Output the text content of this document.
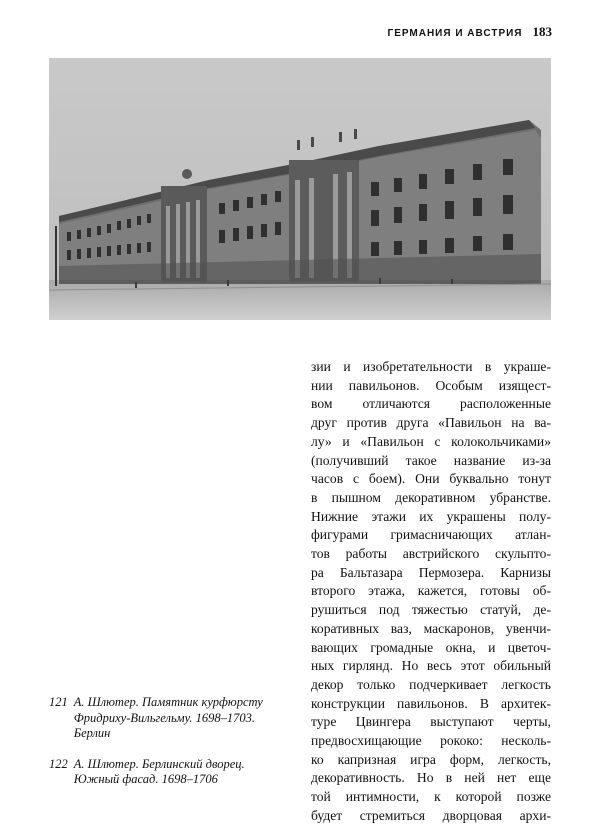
ГЕРМАНИЯ И АВСТРИЯ 183
121 А. Шлютер. Памятник курфюрсту
Фридриху-Вильгельму. 1698–1703.
Берлин
122 А. Шлютер. Берлинский дворец.
Южный фасад. 1698–1706
зии и изобретательности в украше-
нии павильонов. Особым изящест-
вом отличаются расположенные
друг против друга «Павильон на ва-
лу» и «Павильон с колокольчиками»
(получивший такое название из-за
часов с боем). Они буквально тонут
в пышном декоративном убранстве.
Нижние этажи их украшены полу-
фигурами гримасничающих атлан-
тов работы австрийского скульпто-
ра Бальтазара Пермозера. Карнизы
второго этажа, кажется, готовы об-
рушиться под тяжестью статуй, де-
коративных ваз, маскаронов, увенчи-
вающих громадные окна, и цветоч-
ных гирлянд. Но весь этот обильный
декор только подчеркивает легкость
конструкции павильонов. В архитек-
туре Цвингера выступают черты,
предвосхищающие рококо: несколь-
ко капризная игра форм, легкость,
декоративность. Но в ней нет еще
той интимности, к которой позже
будет стремиться дворцовая архи-
